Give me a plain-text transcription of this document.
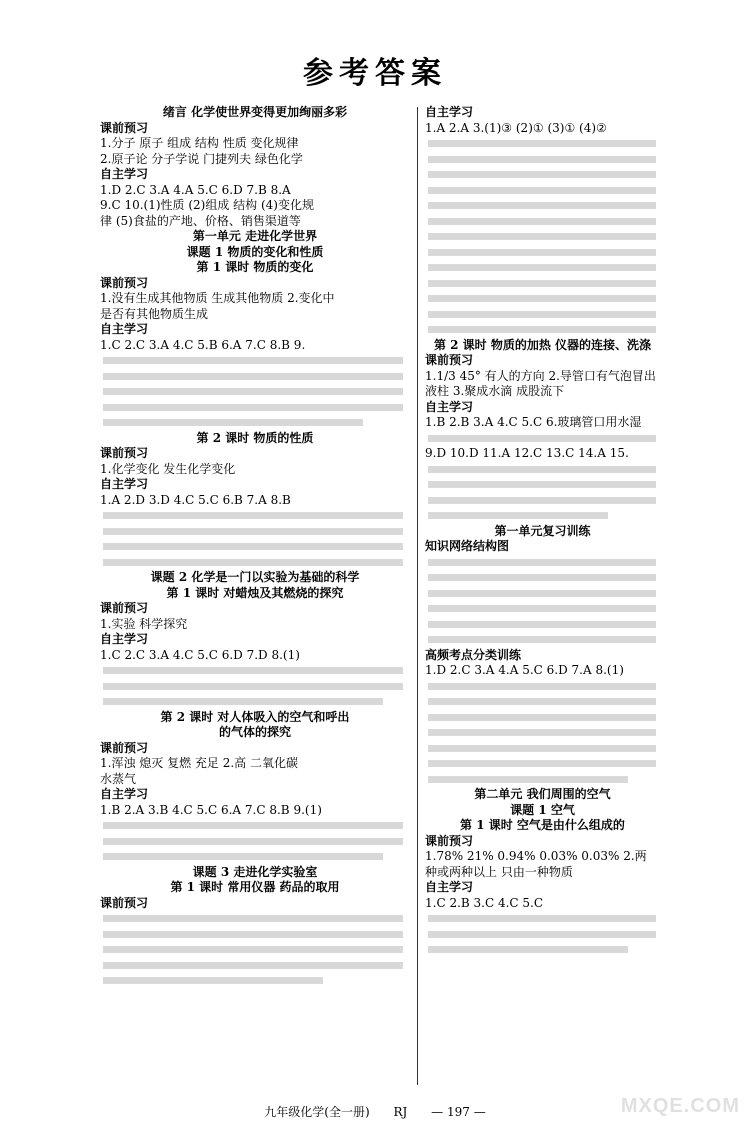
参考答案
绪言 化学使世界变得更加绚丽多彩
课前预习
1.分子 原子 组成 结构 性质 变化规律
2.原子论 分子学说 门捷列夫 绿色化学
自主学习
1.D 2.C 3.A 4.A 5.C 6.D 7.B 8.A
9.C 10.(1)性质 (2)组成 结构 (4)变化规
律 (5)食盐的产地、价格、销售渠道等
第一单元 走进化学世界
课题 1 物质的变化和性质
第 1 课时 物质的变化
课前预习
1.没有生成其他物质 生成其他物质 2.变化中
是否有其他物质生成
自主学习
1.C 2.C 3.A 4.C 5.B 6.A 7.C 8.B 9.
第 2 课时 物质的性质
课前预习
1.化学变化 发生化学变化
自主学习
1.A 2.D 3.D 4.C 5.C 6.B 7.A 8.B
课题 2 化学是一门以实验为基础的科学
第 1 课时 对蜡烛及其燃烧的探究
课前预习
1.实验 科学探究
自主学习
1.C 2.C 3.A 4.C 5.C 6.D 7.D 8.(1)
第 2 课时 对人体吸入的空气和呼出
的气体的探究
课前预习
1.浑浊 熄灭 复燃 充足 2.高 二氧化碳
水蒸气
自主学习
1.B 2.A 3.B 4.C 5.C 6.A 7.C 8.B 9.(1)
课题 3 走进化学实验室
第 1 课时 常用仪器 药品的取用
课前预习
自主学习
1.A 2.A 3.(1)③ (2)① (3)① (4)②
第 2 课时 物质的加热 仪器的连接、洗涤
课前预习
1.1/3 45° 有人的方向 2.导管口有气泡冒出
液柱 3.聚成水滴 成股流下
自主学习
1.B 2.B 3.A 4.C 5.C 6.玻璃管口用水湿
9.D 10.D 11.A 12.C 13.C 14.A 15.
第一单元复习训练
知识网络结构图
高频考点分类训练
1.D 2.C 3.A 4.A 5.C 6.D 7.A 8.(1)
第二单元 我们周围的空气
课题 1 空气
第 1 课时 空气是由什么组成的
课前预习
1.78% 21% 0.94% 0.03% 0.03% 2.两
种或两种以上 只由一种物质
自主学习
1.C 2.B 3.C 4.C 5.C
九年级化学(全一册) RJ — 197 —	MXQE.COM
